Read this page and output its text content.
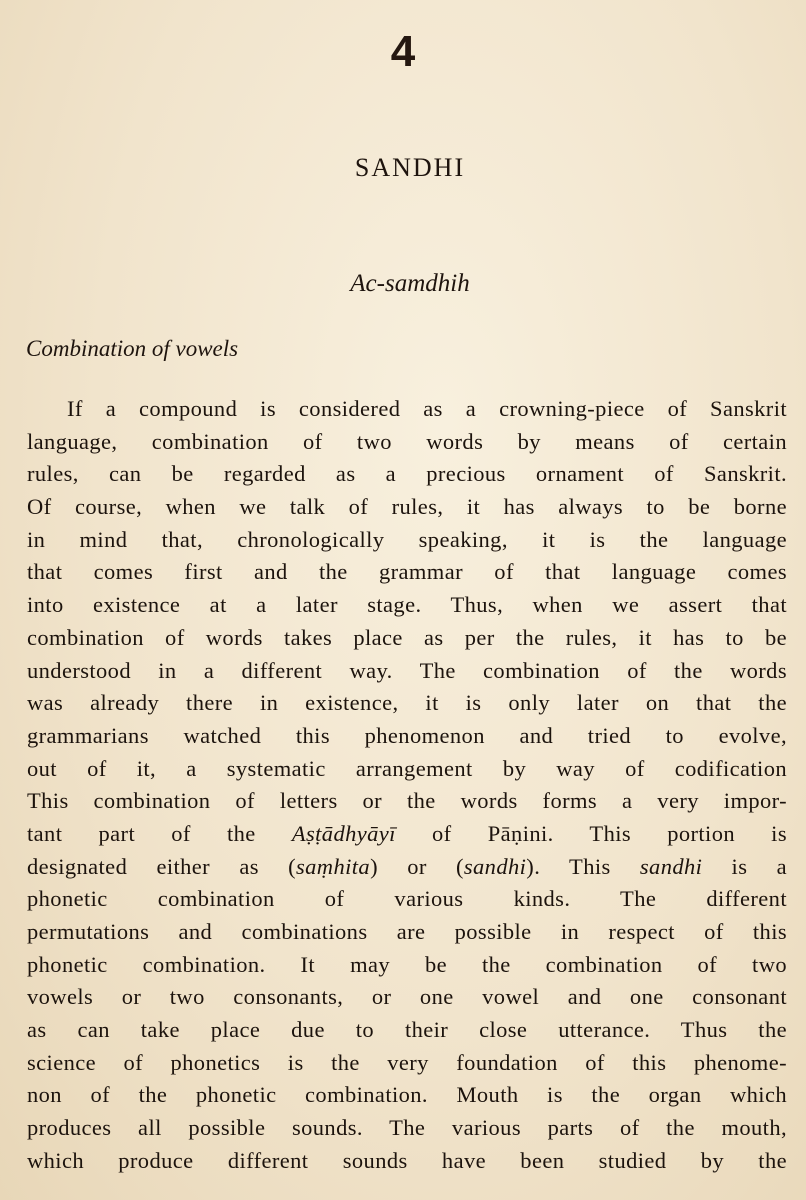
4
SANDHI
Ac-samdhih
Combination of vowels
If a compound is considered as a crowning-piece of Sanskrit
language, combination of two words by means of certain
rules, can be regarded as a precious ornament of Sanskrit.
Of course, when we talk of rules, it has always to be borne
in mind that, chronologically speaking, it is the language
that comes first and the grammar of that language comes
into existence at a later stage. Thus, when we assert that
combination of words takes place as per the rules, it has to be
understood in a different way. The combination of the words
was already there in existence, it is only later on that the
grammarians watched this phenomenon and tried to evolve,
out of it, a systematic arrangement by way of codification
This combination of letters or the words forms a very impor-
tant part of the Aṣṭādhyāyī of Pāṇini. This portion is
designated either as (saṃhita) or (sandhi). This sandhi is a
phonetic combination of various kinds. The different
permutations and combinations are possible in respect of this
phonetic combination. It may be the combination of two
vowels or two consonants, or one vowel and one consonant
as can take place due to their close utterance. Thus the
science of phonetics is the very foundation of this phenome-
non of the phonetic combination. Mouth is the organ which
produces all possible sounds. The various parts of the mouth,
which produce different sounds have been studied by the
